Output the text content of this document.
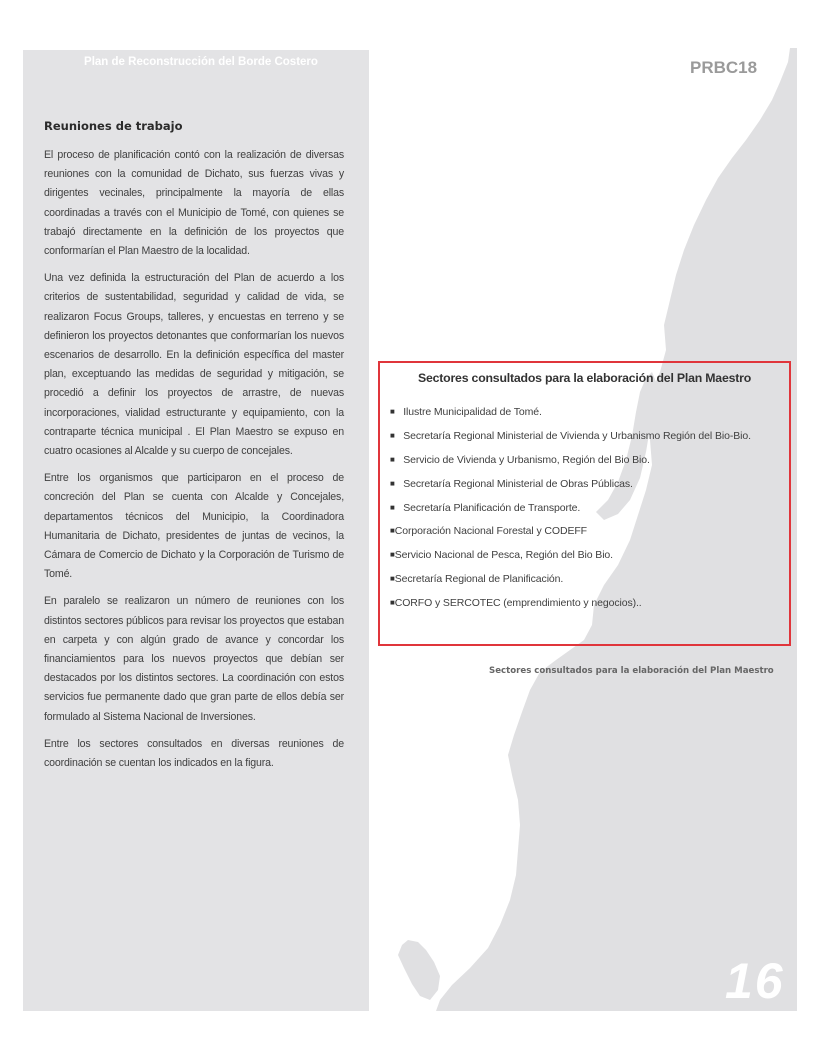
Plan de Reconstrucción del Borde Costero
Reuniones de trabajo

El proceso de planificación contó con la realización de diversas reuniones con la comunidad de Dichato, sus fuerzas vivas y dirigentes vecinales, principalmente la mayoría de ellas coordinadas a través con el Municipio de Tomé, con quienes se trabajó directamente en la definición de los proyectos que conformarían el Plan Maestro de la localidad.

Una vez definida la estructuración del Plan de acuerdo a los criterios de sustentabilidad, seguridad y calidad de vida, se realizaron Focus Groups, talleres, y encuestas en terreno y se definieron los proyectos detonantes que conformarían los nuevos escenarios de desarrollo. En la definición específica del master plan, exceptuando las medidas de seguridad y mitigación, se procedió a definir los proyectos de arrastre, de nuevas incorporaciones, vialidad estructurante y equipamiento, con la contraparte técnica municipal . El Plan Maestro se expuso en cuatro ocasiones al Alcalde y su cuerpo de concejales.

Entre los organismos que participaron en el proceso de concreción del Plan se cuenta con Alcalde y Concejales, departamentos técnicos del Municipio, la Coordinadora Humanitaria de Dichato, presidentes de juntas de vecinos, la Cámara de Comercio de Dichato y la Corporación de Turismo de Tomé.

En paralelo se realizaron un número de reuniones con los distintos sectores públicos para revisar los proyectos que estaban en carpeta y con algún grado de avance y concordar los financiamientos para los nuevos proyectos que debían ser destacados por los distintos sectores. La coordinación con estos servicios fue permanente dado que gran parte de ellos debía ser formulado al Sistema Nacional de Inversiones.

Entre los sectores consultados en diversas reuniones de coordinación se cuentan los indicados en la figura.

PRBC18
Sectores consultados para la elaboración del Plan Maestro
■ Ilustre Municipalidad de Tomé.
■ Secretaría Regional Ministerial de Vivienda y Urbanismo Región del Bio-Bio.
■ Servicio de Vivienda y Urbanismo, Región del Bio Bio.
■ Secretaría Regional Ministerial de Obras Públicas.
■ Secretaría Planificación de Transporte.
■Corporación Nacional Forestal y CODEFF
■Servicio Nacional de Pesca, Región del Bio Bio.
■Secretaría Regional de Planificación.
■CORFO y SERCOTEC (emprendimiento y negocios)..
Sectores consultados para la elaboración del Plan Maestro
16
